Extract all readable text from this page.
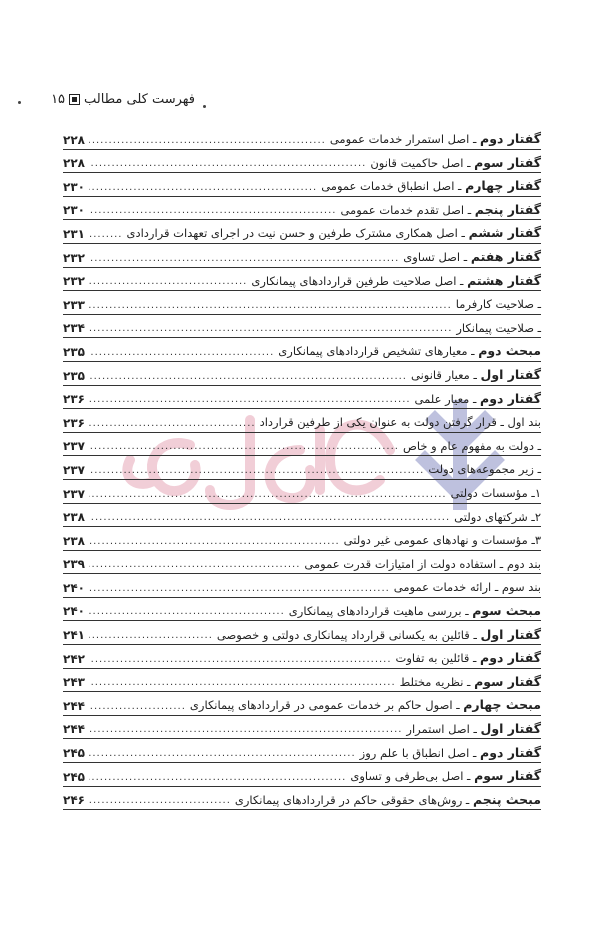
فهرست کلی مطالب
۱۵
گفتار دوم ـ اصل استمرار خدمات عمومی
.....
۲۲۸
گفتار سوم ـ اصل حاکمیت قانون
.....
۲۲۸
گفتار چهارم ـ اصل انطباق خدمات عمومی
.....
۲۳۰
گفتار پنجم ـ اصل تقدم خدمات عمومی
.....
۲۳۰
گفتار ششم ـ اصل همکاری مشترک طرفین و حسن نیت در اجرای تعهدات قراردادی
.....
۲۳۱
گفتار هفتم ـ اصل تساوی
.....
۲۳۲
گفتار هشتم ـ اصل صلاحیت طرفین قراردادهای پیمانکاری
.....
۲۳۲
ـ صلاحیت کارفرما
.....
۲۳۳
ـ صلاحیت پیمانکار
.....
۲۳۴
مبحث دوم ـ معیارهای تشخیص قراردادهای پیمانکاری
.....
۲۳۵
گفتار اول ـ معیار قانونی
.....
۲۳۵
گفتار دوم ـ معیار علمی
.....
۲۳۶
بند اول ـ قرار گرفتن دولت به عنوان یکی از طرفین قرارداد
.....
۲۳۶
ـ دولت به مفهوم عام و خاص
.....
۲۳۷
ـ زیر مجموعه‌های دولت
.....
۲۳۷
۱ـ مؤسسات دولتی
.....
۲۳۷
۲ـ شرکتهای دولتی
.....
۲۳۸
۳ـ مؤسسات و نهادهای عمومی غیر دولتی
.....
۲۳۸
بند دوم ـ استفاده دولت از امتیازات قدرت عمومی
.....
۲۳۹
بند سوم ـ ارائه خدمات عمومی
.....
۲۴۰
مبحث سوم ـ بررسی ماهیت قراردادهای پیمانکاری
.....
۲۴۰
گفتار اول ـ قائلین به یکسانی قرارداد پیمانکاری دولتی و خصوصی
.....
۲۴۱
گفتار دوم ـ قائلین به تفاوت
.....
۲۴۲
گفتار سوم ـ نظریه مختلط
.....
۲۴۳
مبحث چهارم ـ اصول حاکم بر خدمات عمومی در قراردادهای پیمانکاری
.....
۲۴۴
گفتار اول ـ اصل استمرار
.....
۲۴۴
گفتار دوم ـ اصل انطباق با علم روز
.....
۲۴۵
گفتار سوم ـ اصل بی‌طرفی و تساوی
.....
۲۴۵
مبحث پنجم ـ روش‌های حقوقی حاکم در قراردادهای پیمانکاری
.....
۲۴۶
